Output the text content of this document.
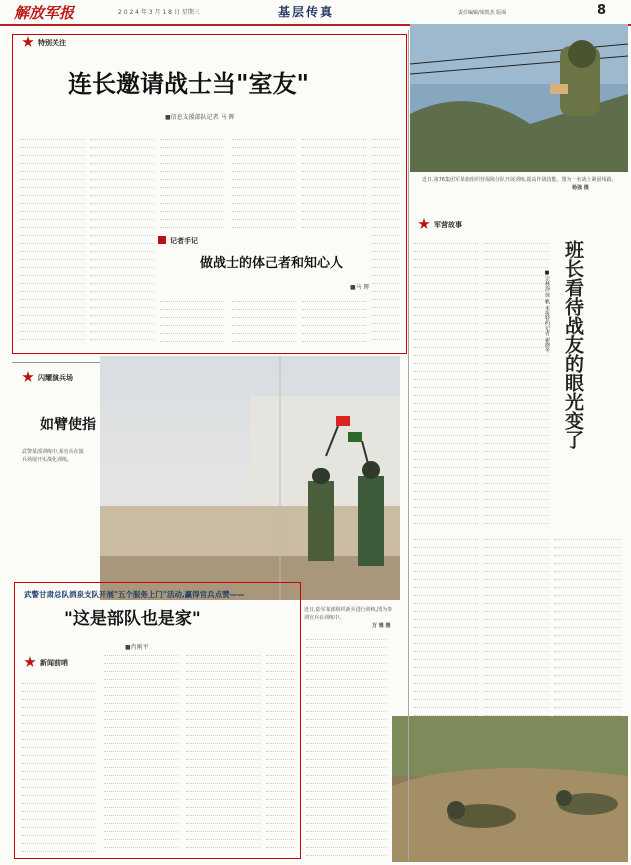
解放军报	2 0 2 4 年 3 月 1 8 日 星期三	基层传真	责任编辑/梁凯杰 版面	8
特别关注
连长邀请战士当"室友"
■信息支援部队记者 马 晖
记者手记
做战士的体己者和知心人
■马 晖
闪耀演兵场
如臂使指
武警某部训练中,某官兵在演兵场展开实战化训练。
近日,陆军某部组织新兵进行训练,图为参训官兵在训练中。
万 雅 摄
武警甘肃总队洒泉支队开展"五个服务上门"活动,赢得官兵点赞——
"这是部队也是家"
■肖刚平
新闻前哨
近日,第76集团军某旅组织营保障分队开展训练,提高作战技能。图为一名战士紧固线路。
杨强 摄
军营故事
班长看待战友的眼光变了
■宗林海 徐 帆 本报特约记者 翟晓冬
